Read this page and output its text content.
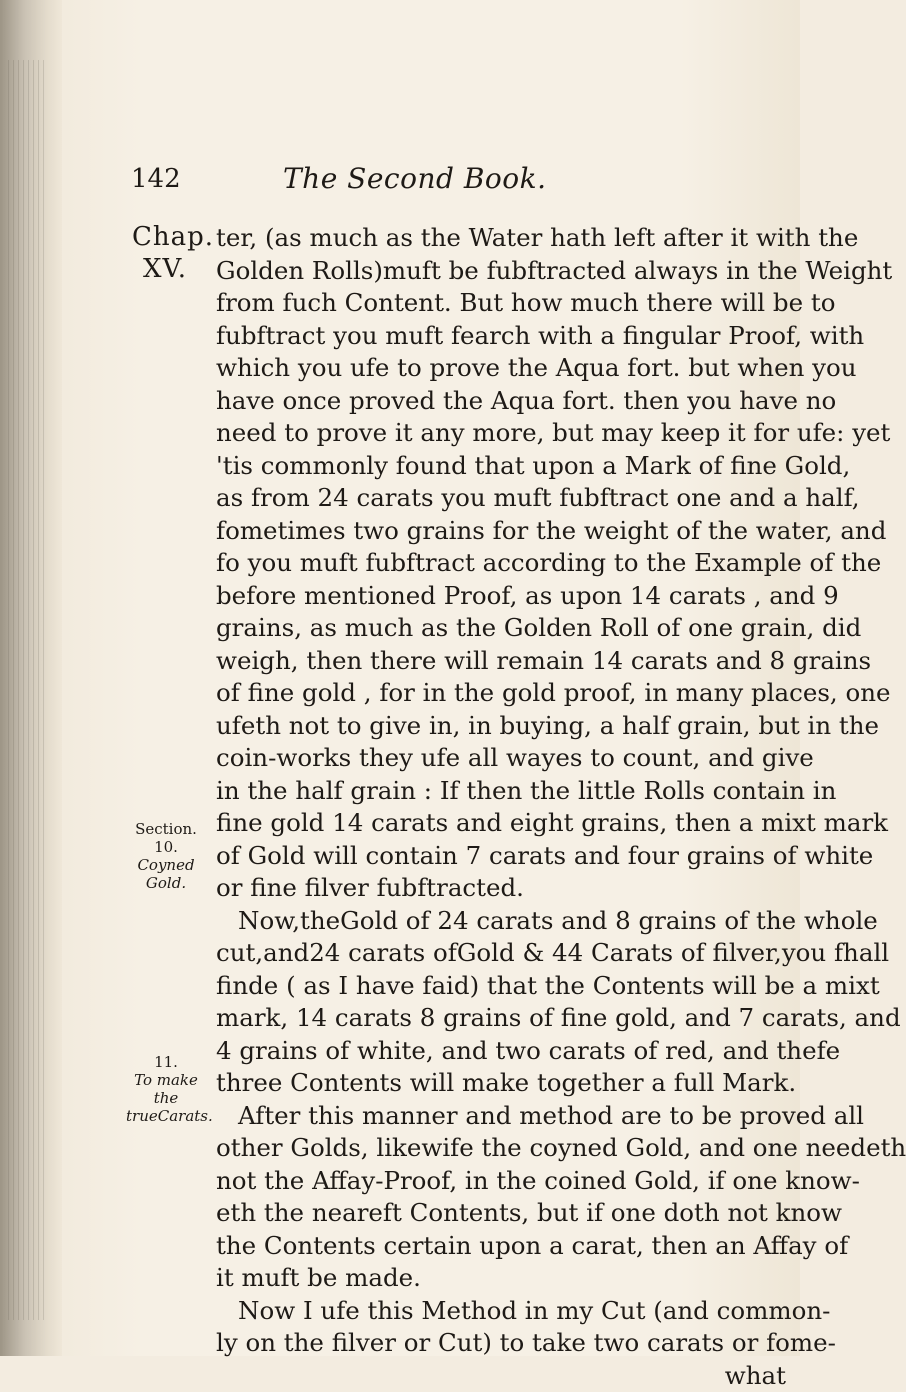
142	The Second Book.
Chap.
XV.
ter, (as much as the Water hath left after it with the
Golden Rolls)muft be fubftracted always in the Weight
from fuch Content. But how much there will be to
fubftract you muft fearch with a fingular Proof, with
which you ufe to prove the Aqua fort. but when you
have once proved the Aqua fort. then you have no
need to prove it any more, but may keep it for ufe: yet
'tis commonly found that upon a Mark of fine Gold,
as from 24 carats you muft fubftract one and a half,
fometimes two grains for the weight of the water, and
fo you muft fubftract according to the Example of the
before mentioned Proof, as upon 14 carats , and 9
grains, as much as the Golden Roll of one grain, did
weigh, then there will remain 14 carats and 8 grains
of fine gold , for in the gold proof, in many places, one
ufeth not to give in, in buying, a half grain, but in the
coin-works they ufe all wayes to count, and give
in the half grain : If then the little Rolls contain in
fine gold 14 carats and eight grains, then a mixt mark
of Gold will contain 7 carats and four grains of white
or fine filver fubftracted.
Now,theGold of 24 carats and 8 grains of the whole
cut,and24 carats ofGold & 44 Carats of filver,you fhall
finde ( as I have faid) that the Contents will be a mixt
mark, 14 carats 8 grains of fine gold, and 7 carats, and
4 grains of white, and two carats of red, and thefe
three Contents will make together a full Mark.
After this manner and method are to be proved all
other Golds, likewife the coyned Gold, and one needeth
not the Affay-Proof, in the coined Gold, if one know-
eth the neareft Contents, but if one doth not know
the Contents certain upon a carat, then an Affay of
it muft be made.
Now I ufe this Method in my Cut (and common-
ly on the filver or Cut) to take two carats or fome-
what
Section.
10.
Coyned
Gold.
11.
To make the
trueCarats.
